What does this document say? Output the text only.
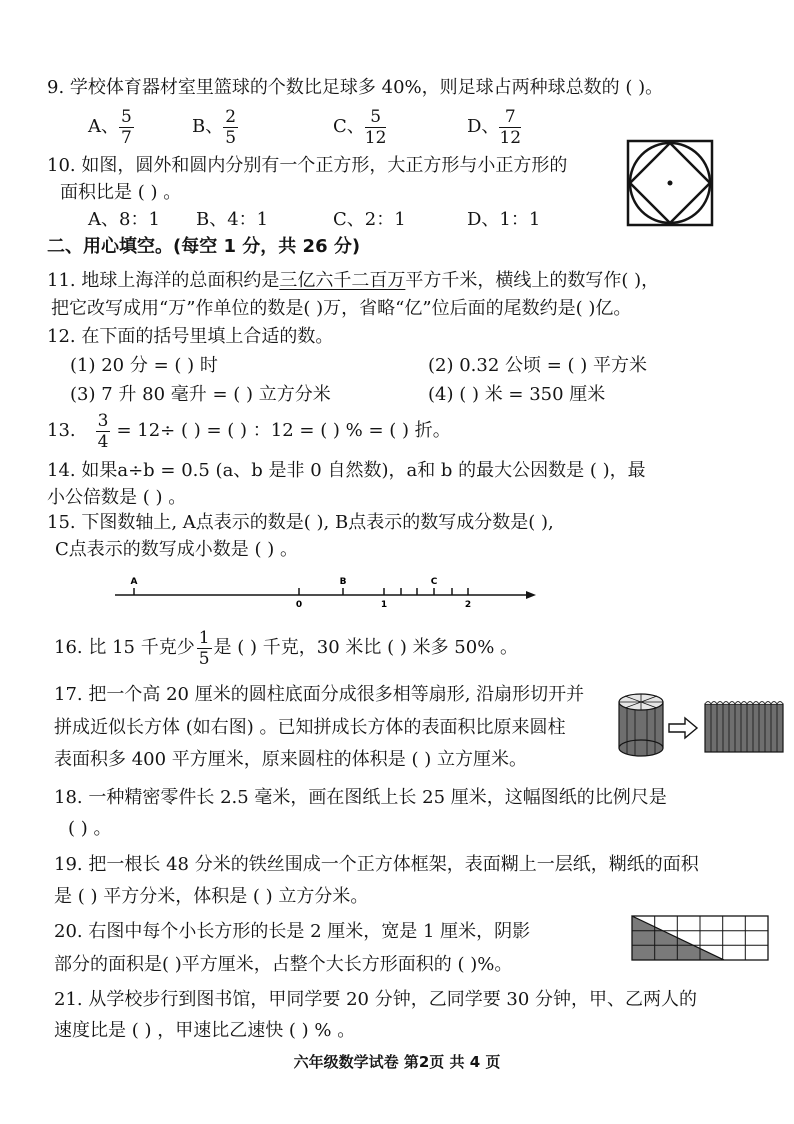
9. 学校体育器材室里篮球的个数比足球多 40%，则足球占两种球总数的 ( )。
A、 $\frac{5}{7}$	B、 $\frac{2}{5}$	C、 $\frac{5}{12}$	D、 $\frac{7}{12}$
10. 如图，圆外和圆内分别有一个正方形，大正方形与小正方形的
面积比是 ( ) 。
A、8：1 B、4：1	C、2：1	D、1：1
二、用心填空。(每空 1 分，共 26 分)
11. 地球上海洋的总面积约是三亿六千二百万平方千米，横线上的数写作( )，
把它改写成用“万”作单位的数是( )万，省略“亿”位后面的尾数约是( )亿。
12. 在下面的括号里填上合适的数。
(1) 20 分 = ( ) 时	(2) 0.32 公顷 = ( ) 平方米
(3) 7 升 80 毫升 = ( ) 立方分米	(4) ( ) 米 = 350 厘米
13. $\frac{3}{4} = 12\div$ ( ) = ( ) ：12 = ( ) % = ( ) 折。
14. 如果a÷b = 0.5 (a、b 是非 0 自然数)，a和 b 的最大公因数是 ( )，最
小公倍数是 ( ) 。
15. 下图数轴上, A点表示的数是( ), B点表示的数写成分数是( ),
C点表示的数写成小数是 ( ) 。
A	B	C
0	1	2
16. 比 15 千克少 $\frac{1}{5}$ 是 ( ) 千克，30 米比 ( ) 米多 50% 。
17. 把一个高 20 厘米的圆柱底面分成很多相等扇形, 沿扇形切开并
拼成近似长方体 (如右图) 。已知拼成长方体的表面积比原来圆柱
表面积多 400 平方厘米，原来圆柱的体积是 ( ) 立方厘米。
18. 一种精密零件长 2.5 毫米，画在图纸上长 25 厘米，这幅图纸的比例尺是
( ) 。
19. 把一根长 48 分米的铁丝围成一个正方体框架，表面糊上一层纸，糊纸的面积
是 ( ) 平方分米，体积是 ( ) 立方分米。
20. 右图中每个小长方形的长是 2 厘米，宽是 1 厘米，阴影
部分的面积是( )平方厘米，占整个大长方形面积的 ( )%。
21. 从学校步行到图书馆，甲同学要 20 分钟，乙同学要 30 分钟，甲、乙两人的
速度比是 ( ) ，甲速比乙速快 ( ) % 。
六年级数学试卷 第2页 共 4 页
